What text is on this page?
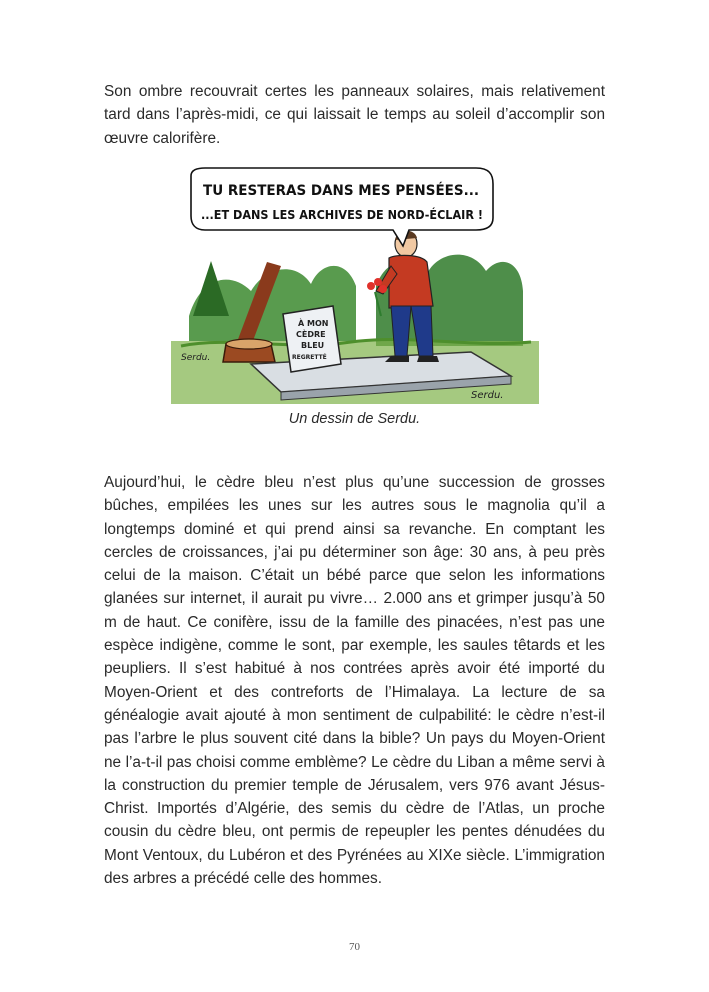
Son ombre recouvrait certes les panneaux solaires, mais relativement tard dans l’après-midi, ce qui laissait le temps au soleil d’accomplir son œuvre calorifère.

À MON
CÈDRE
BLEU
REGRETTÉ
TU RESTERAS DANS MES PENSÉES...
...ET DANS LES ARCHIVES DE NORD-ÉCLAIR !
Serdu.
Serdu.
Un dessin de Serdu.

Aujourd’hui, le cèdre bleu n’est plus qu’une succession de grosses bûches, empilées les unes sur les autres sous le magnolia qu’il a longtemps dominé et qui prend ainsi sa revanche. En comptant les cercles de croissances, j’ai pu déterminer son âge: 30 ans, à peu près celui de la maison. C’était un bébé parce que selon les informations glanées sur internet, il aurait pu vivre… 2.000 ans et grimper jusqu’à 50 m de haut. Ce conifère, issu de la famille des pinacées, n’est pas une espèce indigène, comme le sont, par exemple, les saules têtards et les peupliers. Il s’est habitué à nos contrées après avoir été importé du Moyen-Orient et des contreforts de l’Himalaya. La lecture de sa généalogie avait ajouté à mon sentiment de culpabilité: le cèdre n’est-il pas l’arbre le plus souvent cité dans la bible? Un pays du Moyen-Orient ne l’a-t-il pas choisi comme emblème? Le cèdre du Liban a même servi à la construction du premier temple de Jérusalem, vers 976 avant Jésus-Christ. Importés d’Algérie, des semis du cèdre de l’Atlas, un proche cousin du cèdre bleu, ont permis de repeupler les pentes dénudées du Mont Ventoux, du Lubéron et des Pyrénées au XIXe siècle. L’immigration des arbres a précédé celle des hommes.

70
